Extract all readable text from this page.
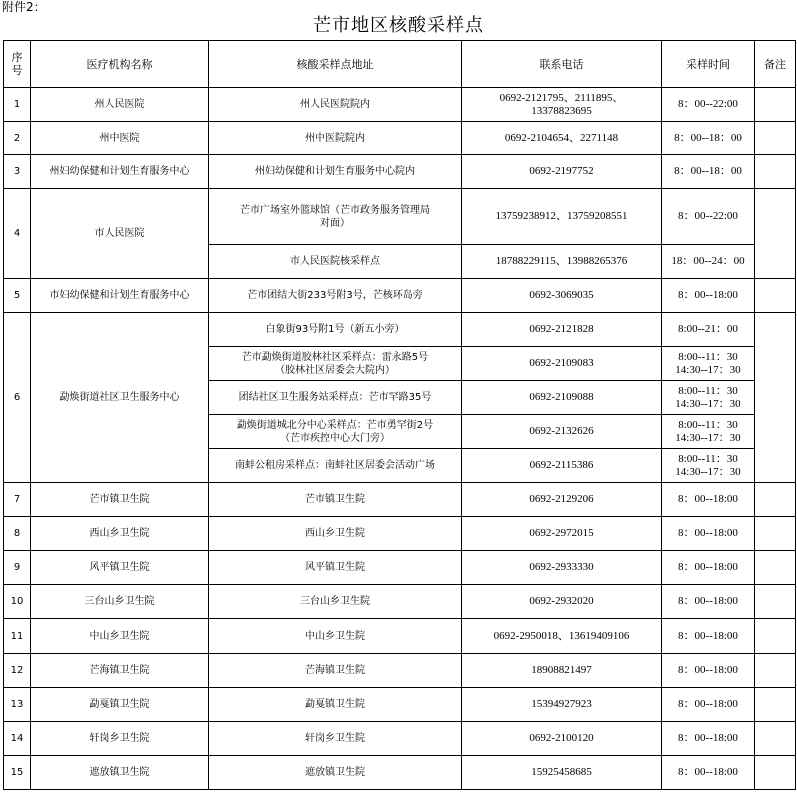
附件2：
芒市地区核酸采样点
序
号	医疗机构名称	核酸采样点地址	联系电话	采样时间	备注
1	州人民医院	州人民医院院内	0692-2121795、2111895、
13378823695	8：00--22:00	
2	州中医院	州中医院院内	0692-2104654、2271148	8：00--18：00	
3	州妇幼保健和计划生育服务中心	州妇幼保健和计划生育服务中心院内	0692-2197752	8：00--18：00	
4	市人民医院	芒市广场室外篮球馆（芒市政务服务管理局
对面）	13759238912、13759208551	8：00--22:00	
		市人民医院核采样点	18788229115、13988265376	18：00--24：00	
5	市妇幼保健和计划生育服务中心	芒市团结大街233号附3号，芒核环岛旁	0692-3069035	8：00--18:00	
6	勐焕街道社区卫生服务中心	白象街93号附1号（新五小旁）	0692-2121828	8:00--21：00	
		芒市勐焕街道胶林社区采样点：雷永路5号
（胶林社区居委会大院内）	0692-2109083	8:00--11：30
14:30--17：30	
		团结社区卫生服务站采样点：芒市罕路35号	0692-2109088	8:00--11：30
14:30--17：30	
		勐焕街道城北分中心采样点：芒市勇罕街2号
（芒市疾控中心大门旁）	0692-2132626	8:00--11：30
14:30--17：30	
		南蚌公租房采样点：南蚌社区居委会活动广场	0692-2115386	8:00--11：30
14:30--17：30	
7	芒市镇卫生院	芒市镇卫生院	0692-2129206	8：00--18:00	
8	西山乡卫生院	西山乡卫生院	0692-2972015	8：00--18:00	
9	风平镇卫生院	风平镇卫生院	0692-2933330	8：00--18:00	
10	三台山乡卫生院	三台山乡卫生院	0692-2932020	8：00--18:00	
11	中山乡卫生院	中山乡卫生院	0692-2950018、13619409106	8：00--18:00	
12	芒海镇卫生院	芒海镇卫生院	18908821497	8：00--18:00	
13	勐戛镇卫生院	勐戛镇卫生院	15394927923	8：00--18:00	
14	轩岗乡卫生院	轩岗乡卫生院	0692-2100120	8：00--18:00	
15	遮放镇卫生院	遮放镇卫生院	15925458685	8：00--18:00	
